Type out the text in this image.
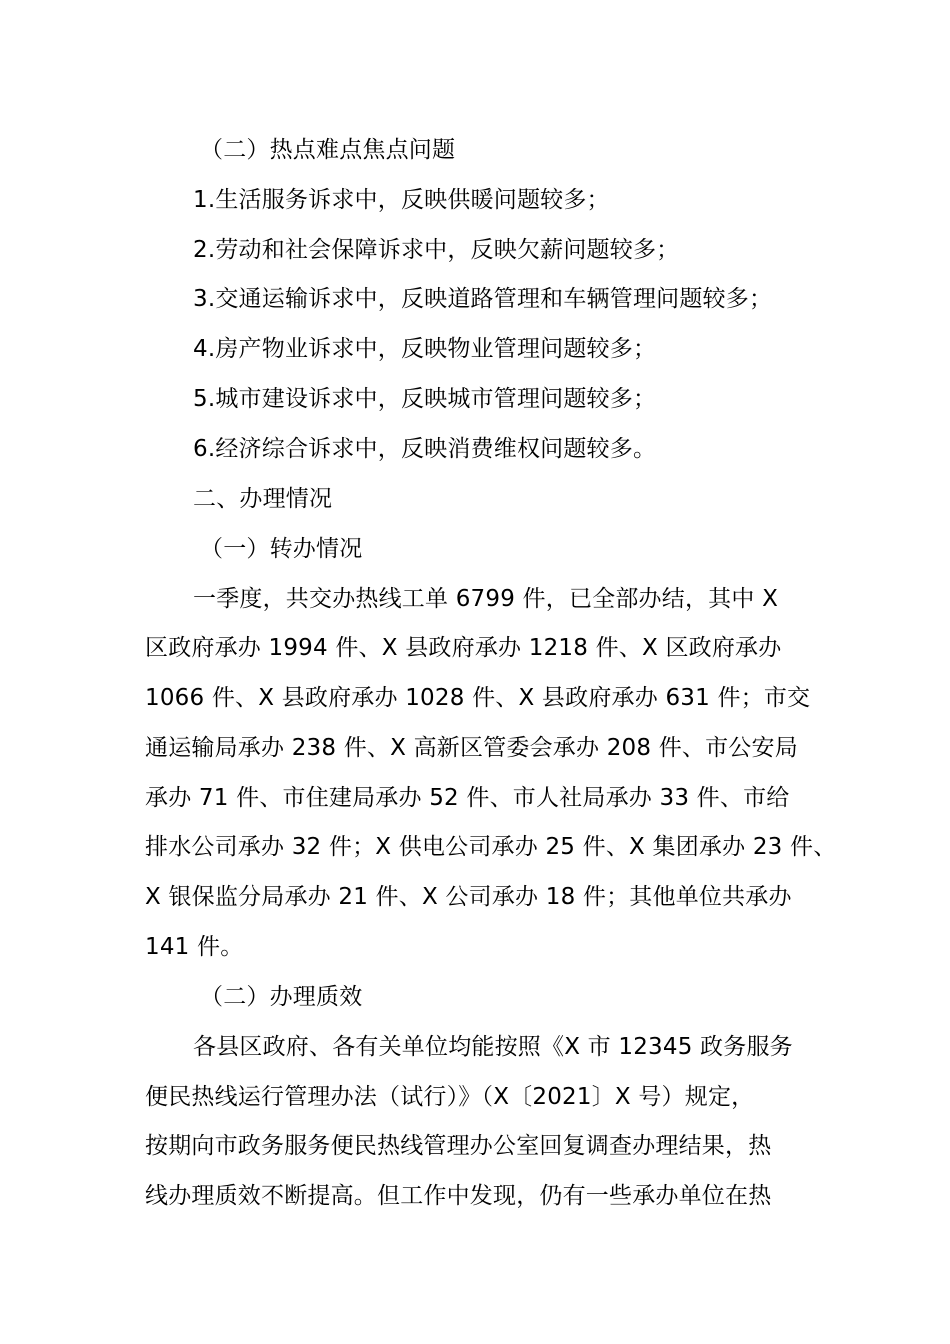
（二）热点难点焦点问题
1.生活服务诉求中，反映供暖问题较多；
2.劳动和社会保障诉求中，反映欠薪问题较多；
3.交通运输诉求中，反映道路管理和车辆管理问题较多；
4.房产物业诉求中，反映物业管理问题较多；
5.城市建设诉求中，反映城市管理问题较多；
6.经济综合诉求中，反映消费维权问题较多。
二、办理情况
（一）转办情况
一季度，共交办热线工单 6799 件，已全部办结，其中 X
区政府承办 1994 件、X 县政府承办 1218 件、X 区政府承办
1066 件、X 县政府承办 1028 件、X 县政府承办 631 件；市交
通运输局承办 238 件、X 高新区管委会承办 208 件、市公安局
承办 71 件、市住建局承办 52 件、市人社局承办 33 件、市给
排水公司承办 32 件；X 供电公司承办 25 件、X 集团承办 23 件、
X 银保监分局承办 21 件、X 公司承办 18 件；其他单位共承办
141 件。
（二）办理质效
各县区政府、各有关单位均能按照《X 市 12345 政务服务
便民热线运行管理办法（试行）》（X〔2021〕X 号）规定，
按期向市政务服务便民热线管理办公室回复调查办理结果，热
线办理质效不断提高。但工作中发现，仍有一些承办单位在热
